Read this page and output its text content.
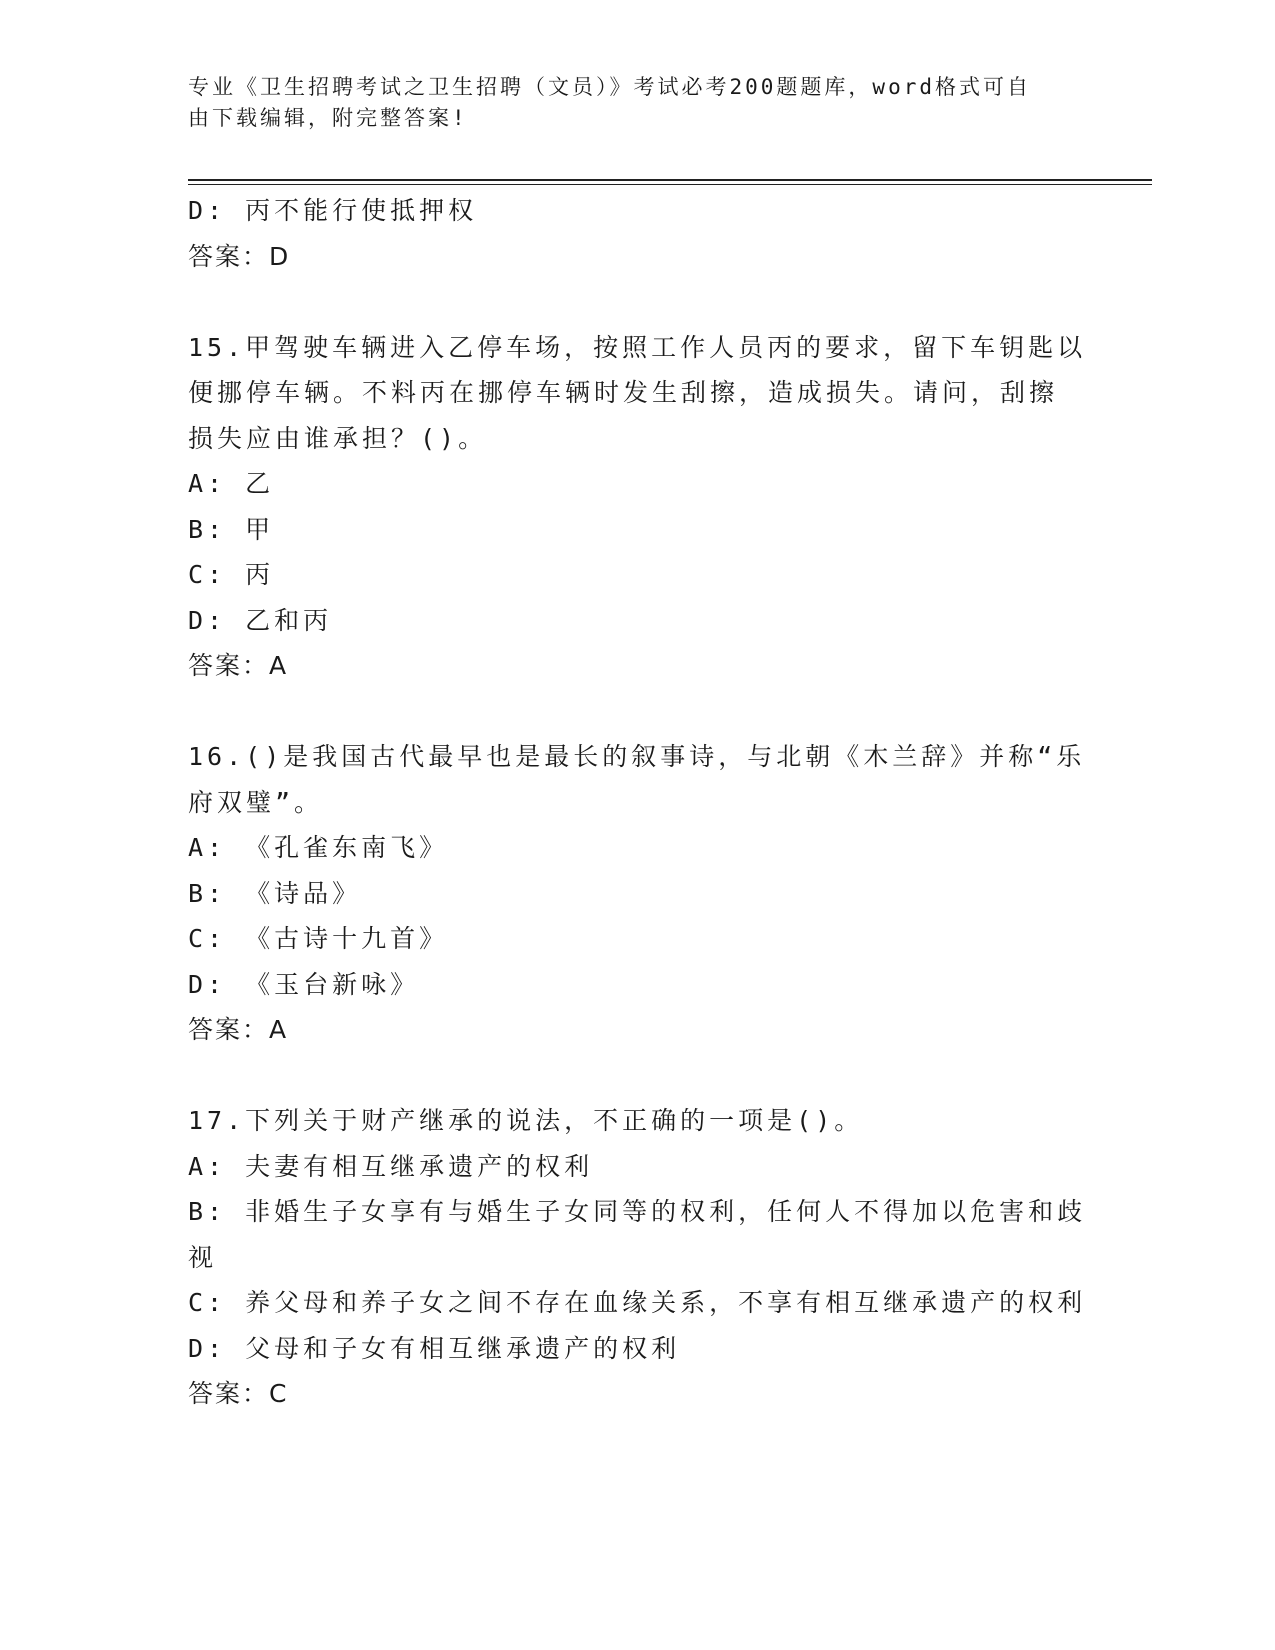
专业《卫生招聘考试之卫生招聘（文员）》考试必考200题题库，word格式可自

由下载编辑，附完整答案!

D: 丙不能行使抵押权

答案：D

15.甲驾驶车辆进入乙停车场，按照工作人员丙的要求，留下车钥匙以

便挪停车辆。不料丙在挪停车辆时发生刮擦，造成损失。请问，刮擦

损失应由谁承担？()。

A: 乙

B: 甲

C: 丙

D: 乙和丙

答案：A

16.()是我国古代最早也是最长的叙事诗，与北朝《木兰辞》并称“乐

府双璧”。

A: 《孔雀东南飞》

B: 《诗品》

C: 《古诗十九首》

D: 《玉台新咏》

答案：A

17.下列关于财产继承的说法，不正确的一项是()。

A: 夫妻有相互继承遗产的权利

B: 非婚生子女享有与婚生子女同等的权利，任何人不得加以危害和歧

视

C: 养父母和养子女之间不存在血缘关系，不享有相互继承遗产的权利

D: 父母和子女有相互继承遗产的权利

答案：C
